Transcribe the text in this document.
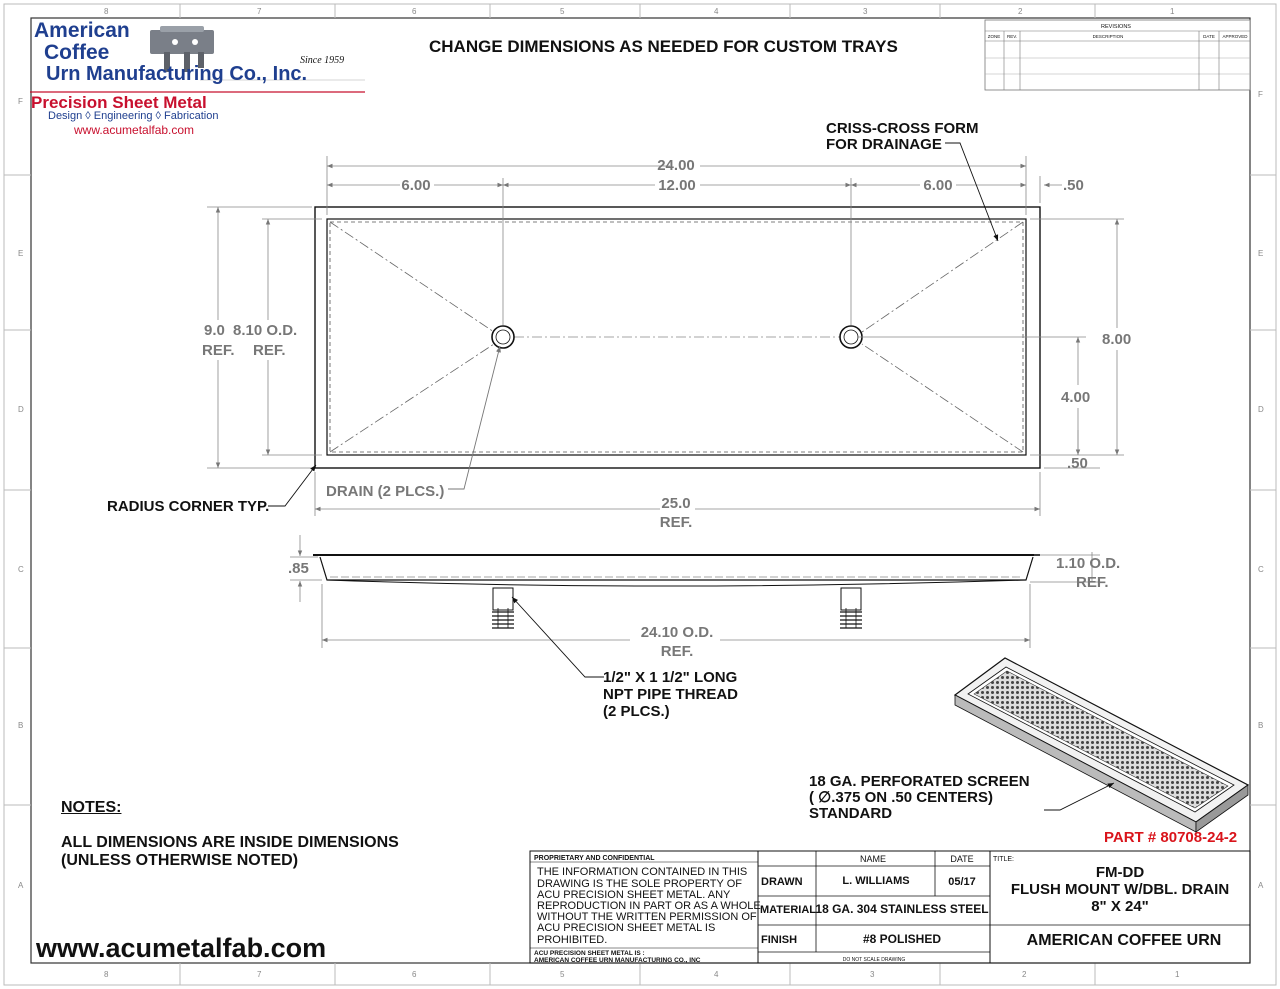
8	7	6	5	4	3	2	1
8	7	6	5	4	3	2	1
F
E
D
C
B
A
F
E
D
C
B
A
REVISIONS
ZONE REV.	DESCRIPTION	DATE APPROVED
24.00
12.00
6.00	6.00	.50
.50
9.0
REF.
8.10 O.D.
REF.
8.00
4.00
25.0
REF.
DRAIN (2 PLCS.)
CRISS-CROSS FORM
FOR DRAINAGE
RADIUS CORNER TYP.
.85	1.10 O.D.
REF.
24.10 O.D.
REF.
1/2" X 1 1/2" LONG
NPT PIPE THREAD
(2 PLCS.)
18 GA. PERFORATED SCREEN
( ∅.375 ON .50 CENTERS)
STANDARD
PROPRIETARY AND CONFIDENTIAL
THE INFORMATION CONTAINED IN THIS
DRAWING IS THE SOLE PROPERTY OF
ACU PRECISION SHEET METAL. ANY
REPRODUCTION IN PART OR AS A WHOLE
WITHOUT THE WRITTEN PERMISSION OF
ACU PRECISION SHEET METAL IS
PROHIBITED.
ACU PRECISION SHEET METAL IS :
AMERICAN COFFEE URN MANUFACTURING CO., INC
NAME	DATE
DRAWN	L. WILLIAMS	05/17
MATERIAL 18 GA. 304 STAINLESS STEEL
FINISH	#8 POLISHED
DO NOT SCALE DRAWING
TITLE:
FM-DD
FLUSH MOUNT W/DBL. DRAIN
8" X 24"
AMERICAN COFFEE URN
American
Coffee
Urn Manufacturing Co., Inc.
Since 1959
Precision Sheet Metal
Design ◊ Engineering ◊ Fabrication
www.acumetalfab.com
CHANGE DIMENSIONS AS NEEDED FOR CUSTOM TRAYS
NOTES:
ALL DIMENSIONS ARE INSIDE DIMENSIONS
(UNLESS OTHERWISE NOTED)
www.acumetalfab.com
PART # 80708-24-2
